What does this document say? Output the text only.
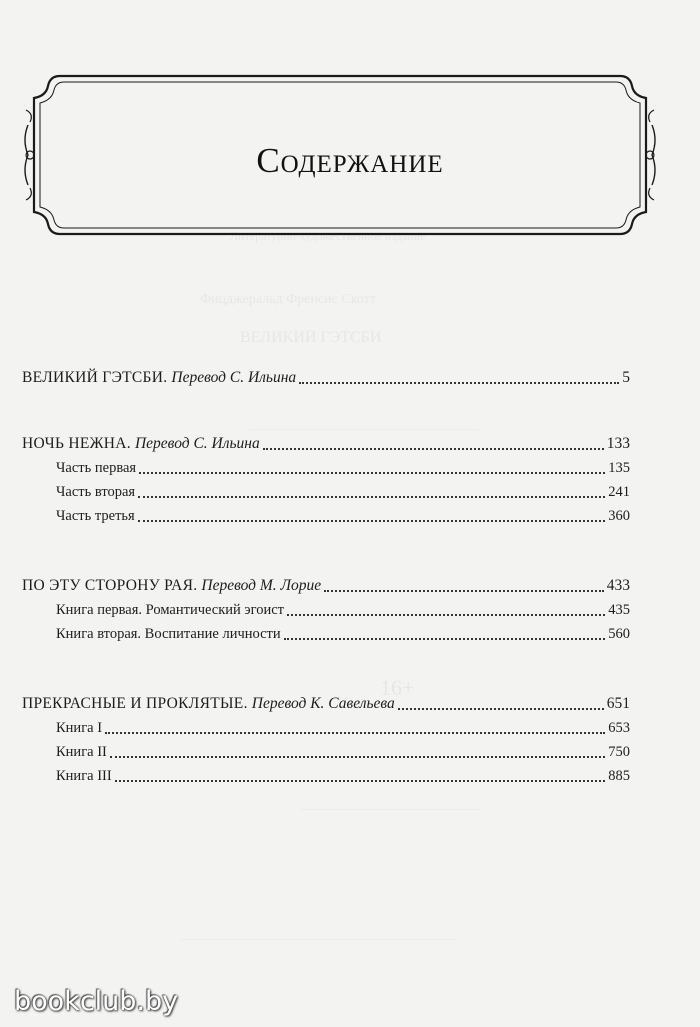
Литературно-художественное издание
Фицджеральд Френсис Скотт
ВЕЛИКИЙ ГЭТСБИ
———————————————————
16+
———————————————
———————————————————————
Содержание
ВЕЛИКИЙ ГЭТСБИ. Перевод С. Ильина	5
НОЧЬ НЕЖНА. Перевод С. Ильина	133
Часть первая	135
Часть вторая	241
Часть третья	360
ПО ЭТУ СТОРОНУ РАЯ. Перевод М. Лорие	433
Книга первая. Романтический эгоист	435
Книга вторая. Воспитание личности	560
ПРЕКРАСНЫЕ И ПРОКЛЯТЫЕ. Перевод К. Савельева	651
Книга I	653
Книга II	750
Книга III	885
bookclub.by
